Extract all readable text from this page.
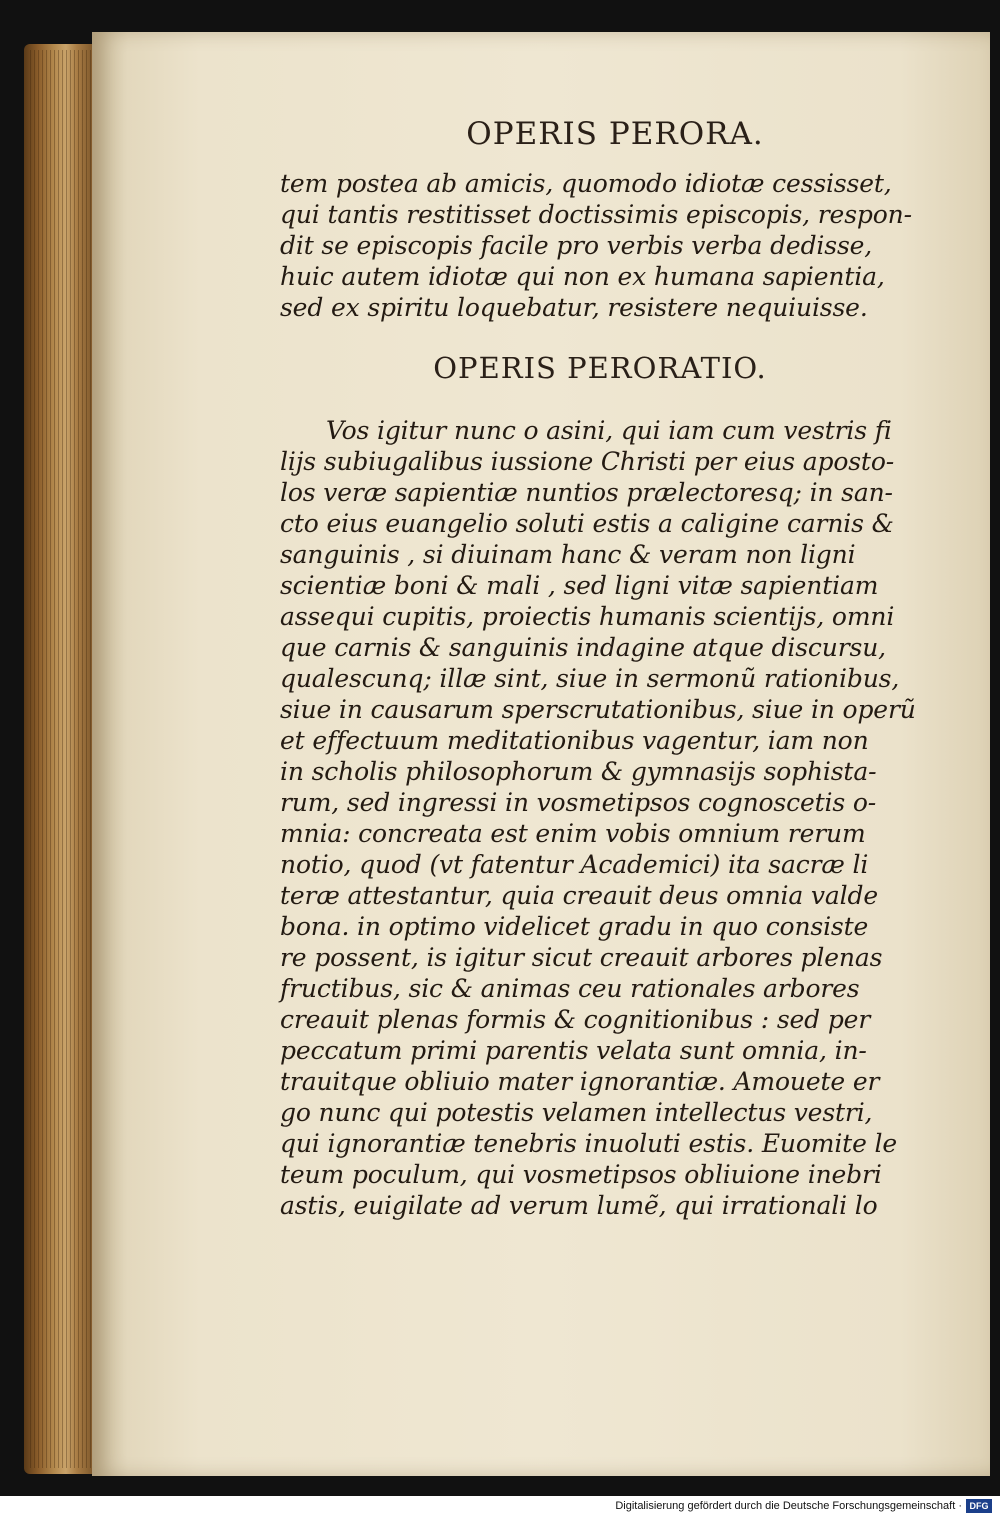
OPERIS PERORA.

tem postea ab amicis, quomodo idiotæ cessisset,

qui tantis restitisset doctissimis episcopis, respon-

dit se episcopis facile pro verbis verba dedisse,

huic autem idiotæ qui non ex humana sapientia,

sed ex spiritu loquebatur, resistere nequiuisse.

OPERIS PERORATIO.

Vos igitur nunc o asini, qui iam cum vestris fi

lijs subiugalibus iussione Christi per eius aposto-

los veræ sapientiæ nuntios prælectoresq; in san-

cto eius euangelio soluti estis a caligine carnis &

sanguinis , si diuinam hanc & veram non ligni

scientiæ boni & mali , sed ligni vitæ sapientiam

assequi cupitis, proiectis humanis scientijs, omni

que carnis & sanguinis indagine atque discursu,

qualescunq; illæ sint, siue in sermonũ rationibus,

siue in causarum sperscrutationibus, siue in operũ

et effectuum meditationibus vagentur, iam non

in scholis philosophorum & gymnasijs sophista-

rum, sed ingressi in vosmetipsos cognoscetis o-

mnia: concreata est enim vobis omnium rerum

notio, quod (vt fatentur Academici) ita sacræ li

teræ attestantur, quia creauit deus omnia valde

bona. in optimo videlicet gradu in quo consiste

re possent, is igitur sicut creauit arbores plenas

fructibus, sic & animas ceu rationales arbores

creauit plenas formis & cognitionibus : sed per

peccatum primi parentis velata sunt omnia, in-

trauitque obliuio mater ignorantiæ. Amouete er

go nunc qui potestis velamen intellectus vestri,

qui ignorantiæ tenebris inuoluti estis. Euomite le

teum poculum, qui vosmetipsos obliuione inebri

astis, euigilate ad verum lumẽ, qui irrationali lo

Digitalisierung gefördert durch die Deutsche Forschungsgemeinschaft · DFG
